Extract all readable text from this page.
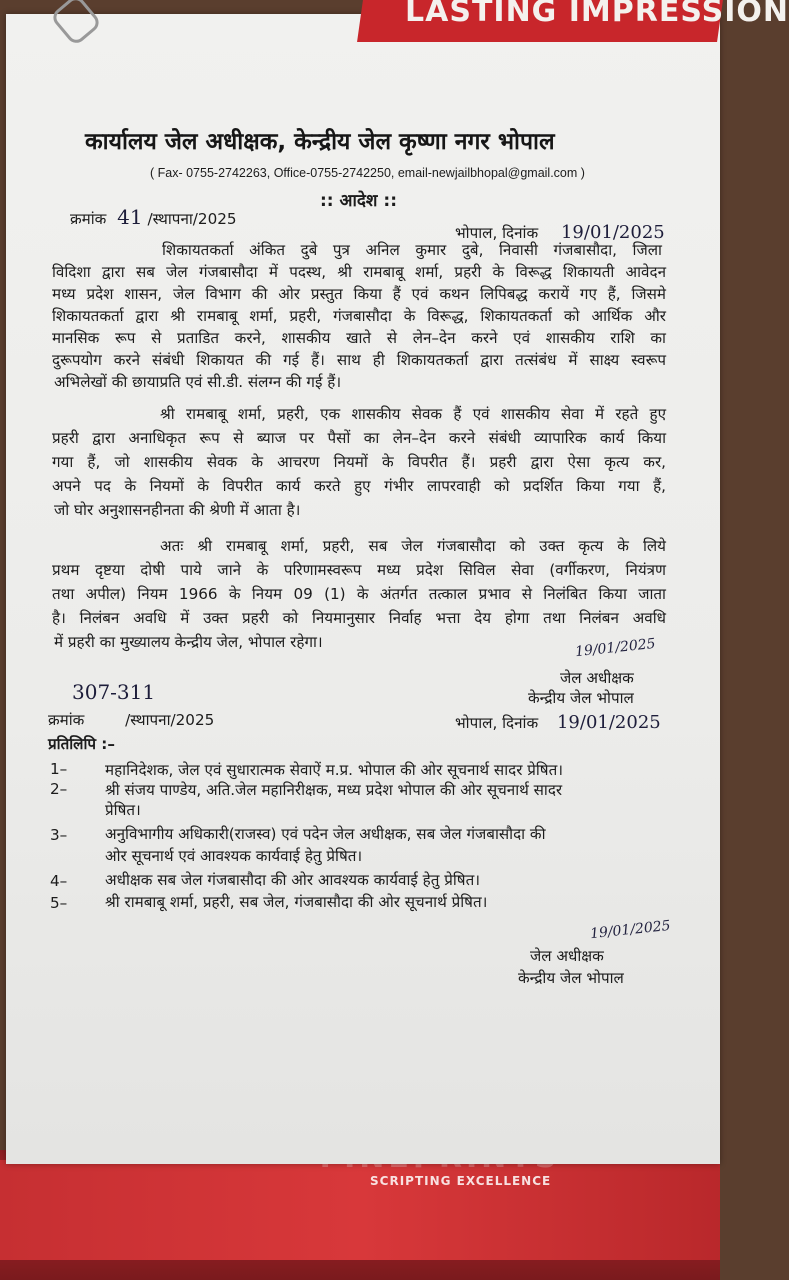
SCRIPTING EXCELLENCE
LASTING IMPRESSION
कार्यालय जेल अधीक्षक, केन्द्रीय जेल कृष्णा नगर भोपाल
( Fax- 0755-2742263, Office-0755-2742250, email-newjailbhopal@gmail.com )
:: आदेश ::
क्रमांक 41 /स्थापना/2025
भोपाल, दिनांक 19/01/2025
शिकायतकर्ता अंकित दुबे पुत्र अनिल कुमार दुबे, निवासी गंजबासौदा, जिला
विदिशा द्वारा सब जेल गंजबासौदा में पदस्थ, श्री रामबाबू शर्मा, प्रहरी के विरूद्ध शिकायती आवेदन
मध्य प्रदेश शासन, जेल विभाग की ओर प्रस्तुत किया हैं एवं कथन लिपिबद्ध करायें गए हैं, जिसमे
शिकायतकर्ता द्वारा श्री रामबाबू शर्मा, प्रहरी, गंजबासौदा के विरूद्ध, शिकायतकर्ता को आर्थिक और
मानसिक रूप से प्रताडित करने, शासकीय खाते से लेन–देन करने एवं शासकीय राशि का
दुरूपयोग करने संबंधी शिकायत की गई हैं। साथ ही शिकायतकर्ता द्वारा तत्संबंध में साक्ष्य स्वरूप
अभिलेखों की छायाप्रति एवं सी.डी. संलग्न की गई हैं।
श्री रामबाबू शर्मा, प्रहरी, एक शासकीय सेवक हैं एवं शासकीय सेवा में रहते हुए
प्रहरी द्वारा अनाधिकृत रूप से ब्याज पर पैसों का लेन–देन करने संबंधी व्यापारिक कार्य किया
गया हैं, जो शासकीय सेवक के आचरण नियमों के विपरीत हैं। प्रहरी द्वारा ऐसा कृत्य कर,
अपने पद के नियमों के विपरीत कार्य करते हुए गंभीर लापरवाही को प्रदर्शित किया गया हैं,
जो घोर अनुशासनहीनता की श्रेणी में आता है।
अतः श्री रामबाबू शर्मा, प्रहरी, सब जेल गंजबासौदा को उक्त कृत्य के लिये
प्रथम दृष्टया दोषी पाये जाने के परिणामस्वरूप मध्य प्रदेश सिविल सेवा (वर्गीकरण, नियंत्रण
तथा अपील) नियम 1966 के नियम 09 (1) के अंतर्गत तत्काल प्रभाव से निलंबित किया जाता
है। निलंबन अवधि में उक्त प्रहरी को नियमानुसार निर्वाह भत्ता देय होगा तथा निलंबन अवधि
में प्रहरी का मुख्यालय केन्द्रीय जेल, भोपाल रहेगा।	19/01/2025
जेल अधीक्षक
केन्द्रीय जेल भोपाल
307-311
क्रमांक	/स्थापना/2025	भोपाल, दिनांक 19/01/2025
प्रतिलिपि :–
1– महानिदेशक, जेल एवं सुधारात्मक सेवाऐं म.प्र. भोपाल की ओर सूचनार्थ सादर प्रेषित।
2– श्री संजय पाण्डेय, अति.जेल महानिरीक्षक, मध्य प्रदेश भोपाल की ओर सूचनार्थ सादर
प्रेषित।
3– अनुविभागीय अधिकारी(राजस्व) एवं पदेन जेल अधीक्षक, सब जेल गंजबासौदा की
ओर सूचनार्थ एवं आवश्यक कार्यवाई हेतु प्रेषित।
4– अधीक्षक सब जेल गंजबासौदा की ओर आवश्यक कार्यवाई हेतु प्रेषित।
5– श्री रामबाबू शर्मा, प्रहरी, सब जेल, गंजबासौदा की ओर सूचनार्थ प्रेषित।
19/01/2025
जेल अधीक्षक
केन्द्रीय जेल भोपाल
